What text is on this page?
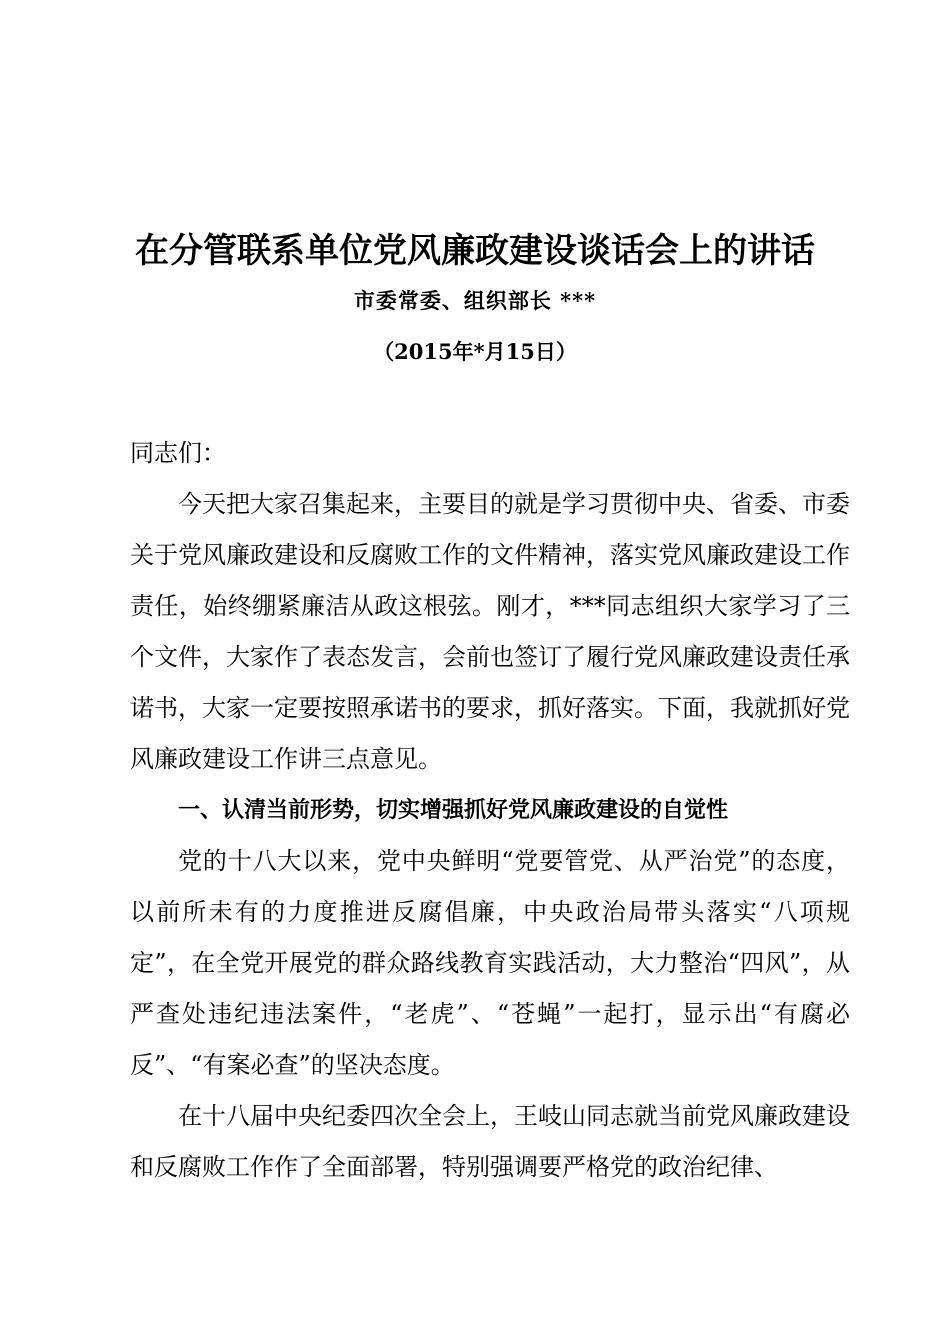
在分管联系单位党风廉政建设谈话会上的讲话
市委常委、组织部长 ***
（2015年*月15日）

同志们：

今天把大家召集起来，主要目的就是学习贯彻中央、省委、市委关于党风廉政建设和反腐败工作的文件精神，落实党风廉政建设工作责任，始终绷紧廉洁从政这根弦。刚才，***同志组织大家学习了三个文件，大家作了表态发言，会前也签订了履行党风廉政建设责任承诺书，大家一定要按照承诺书的要求，抓好落实。下面，我就抓好党风廉政建设工作讲三点意见。

一、认清当前形势，切实增强抓好党风廉政建设的自觉性

党的十八大以来，党中央鲜明“党要管党、从严治党”的态度，以前所未有的力度推进反腐倡廉，中央政治局带头落实“八项规定”，在全党开展党的群众路线教育实践活动，大力整治“四风”，从严查处违纪违法案件，“老虎”、“苍蝇”一起打，显示出“有腐必反”、“有案必查”的坚决态度。

在十八届中央纪委四次全会上，王岐山同志就当前党风廉政建设和反腐败工作作了全面部署，特别强调要严格党的政治纪律、
